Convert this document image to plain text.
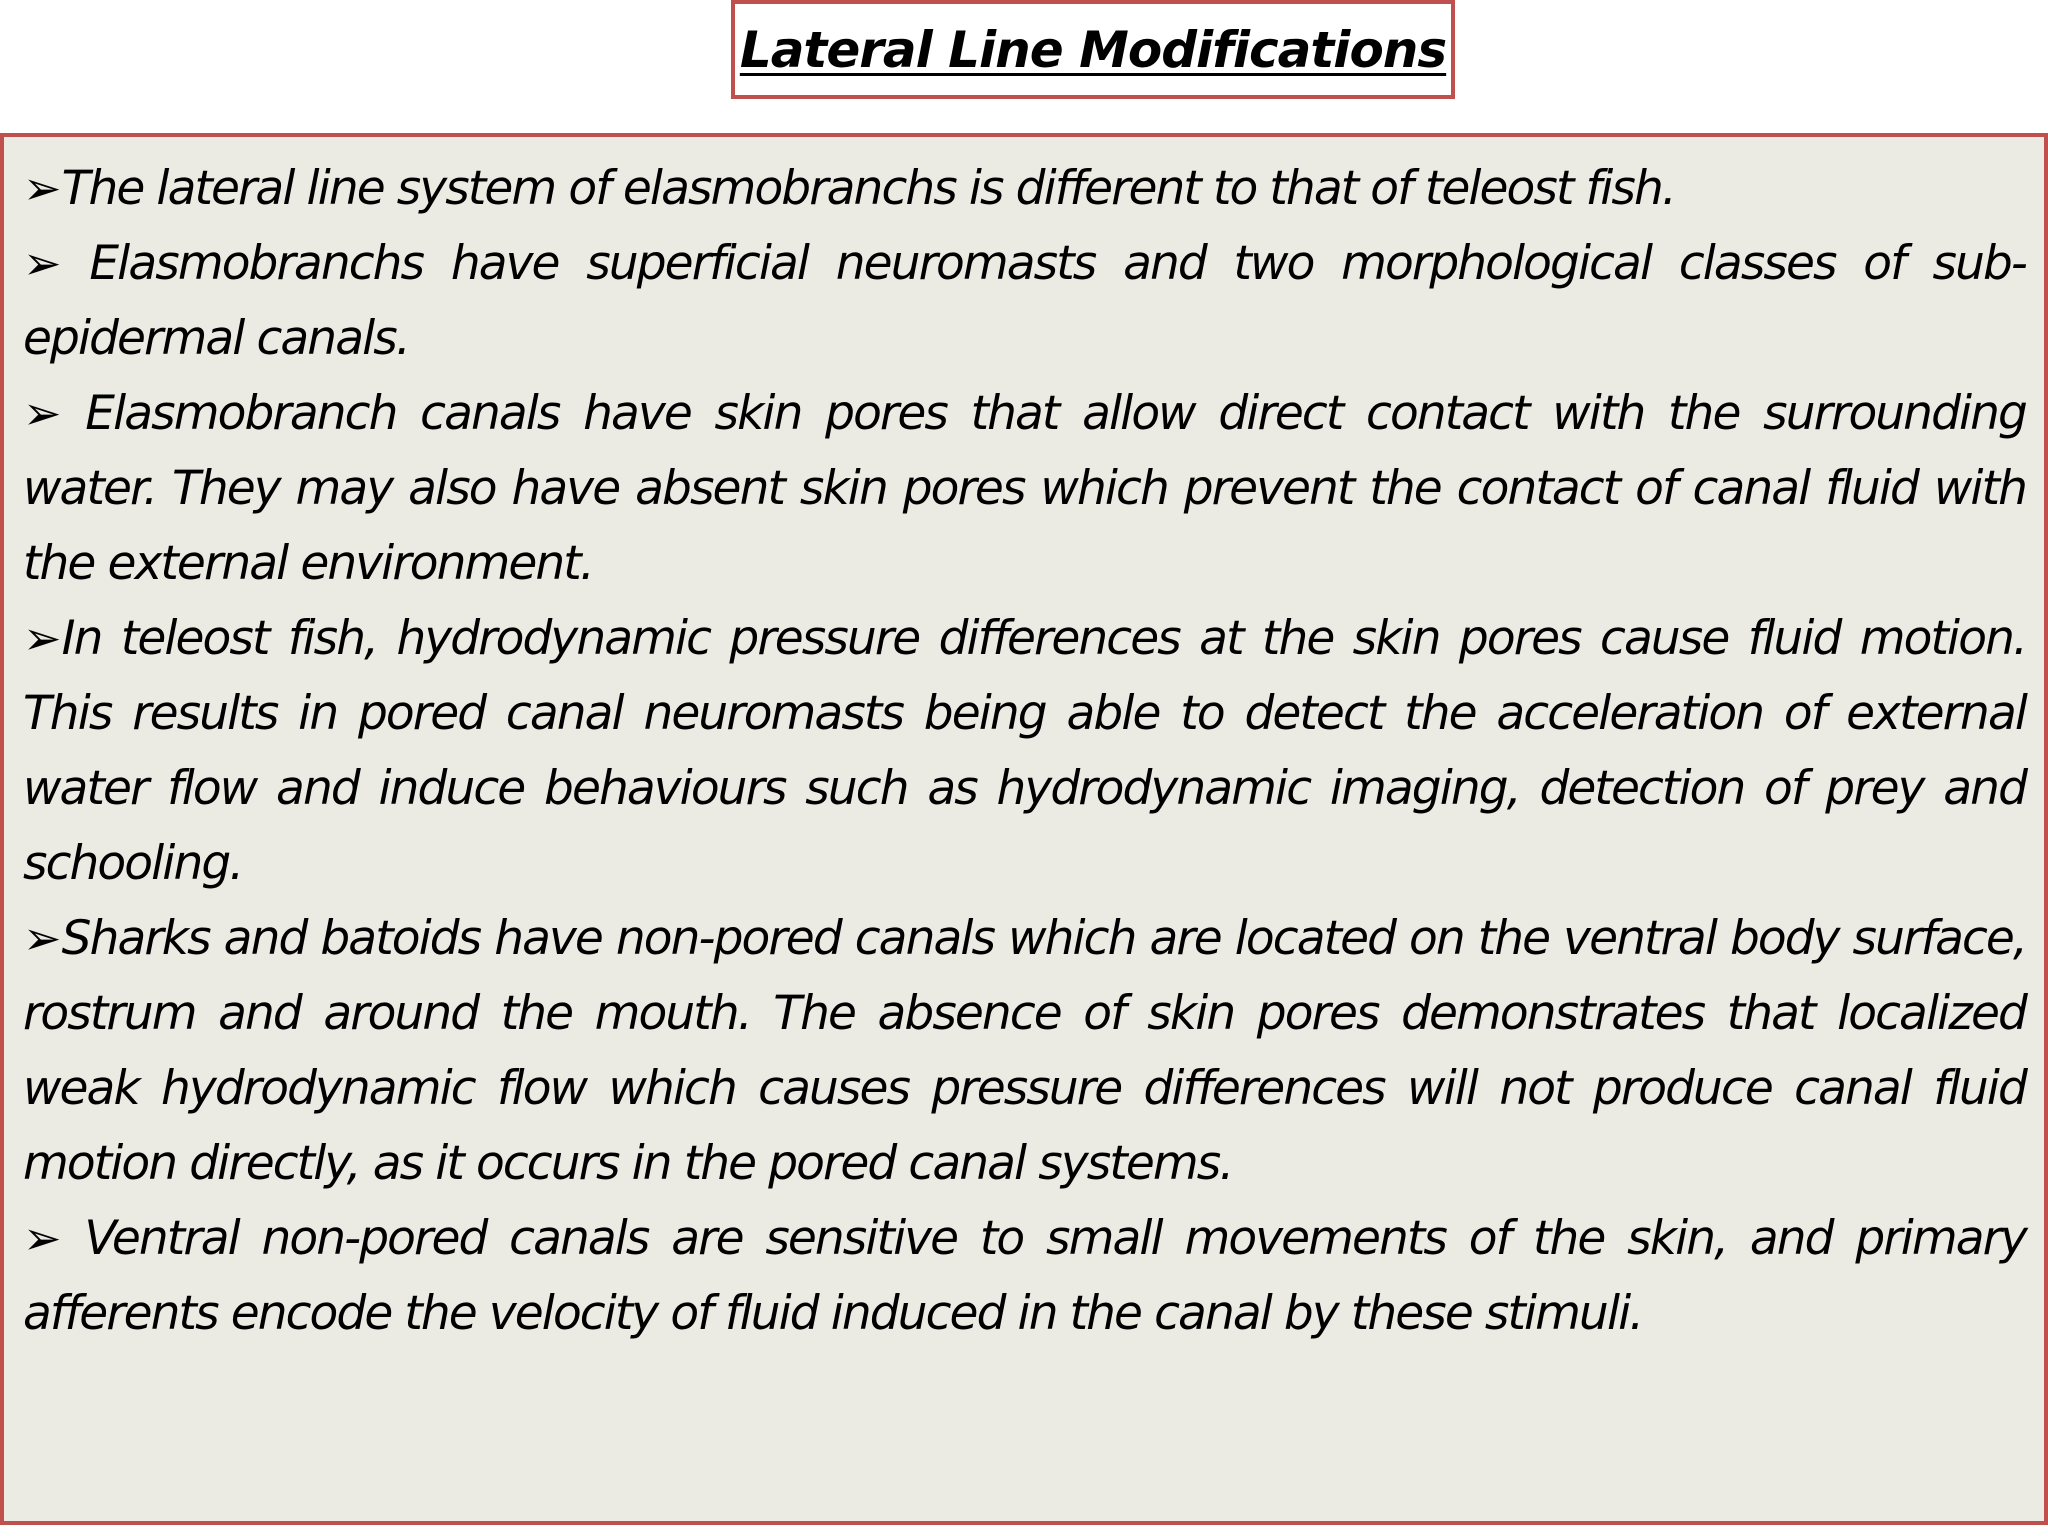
Lateral Line Modifications

➢The lateral line system of elasmobranchs is different to that of teleost fish.

➢ Elasmobranchs have superficial neuromasts and two morphological classes of sub-epidermal canals.

➢ Elasmobranch canals have skin pores that allow direct contact with the surrounding water. They may also have absent skin pores which prevent the contact of canal fluid with the external environment.

➢In teleost fish, hydrodynamic pressure differences at the skin pores cause fluid motion. This results in pored canal neuromasts being able to detect the acceleration of external water flow and induce behaviours such as hydrodynamic imaging, detection of prey and schooling.

➢Sharks and batoids have non-pored canals which are located on the ventral body surface, rostrum and around the mouth. The absence of skin pores demonstrates that localized weak hydrodynamic flow which causes pressure differences will not produce canal fluid motion directly, as it occurs in the pored canal systems.

➢ Ventral non-pored canals are sensitive to small movements of the skin, and primary afferents encode the velocity of fluid induced in the canal by these stimuli.
